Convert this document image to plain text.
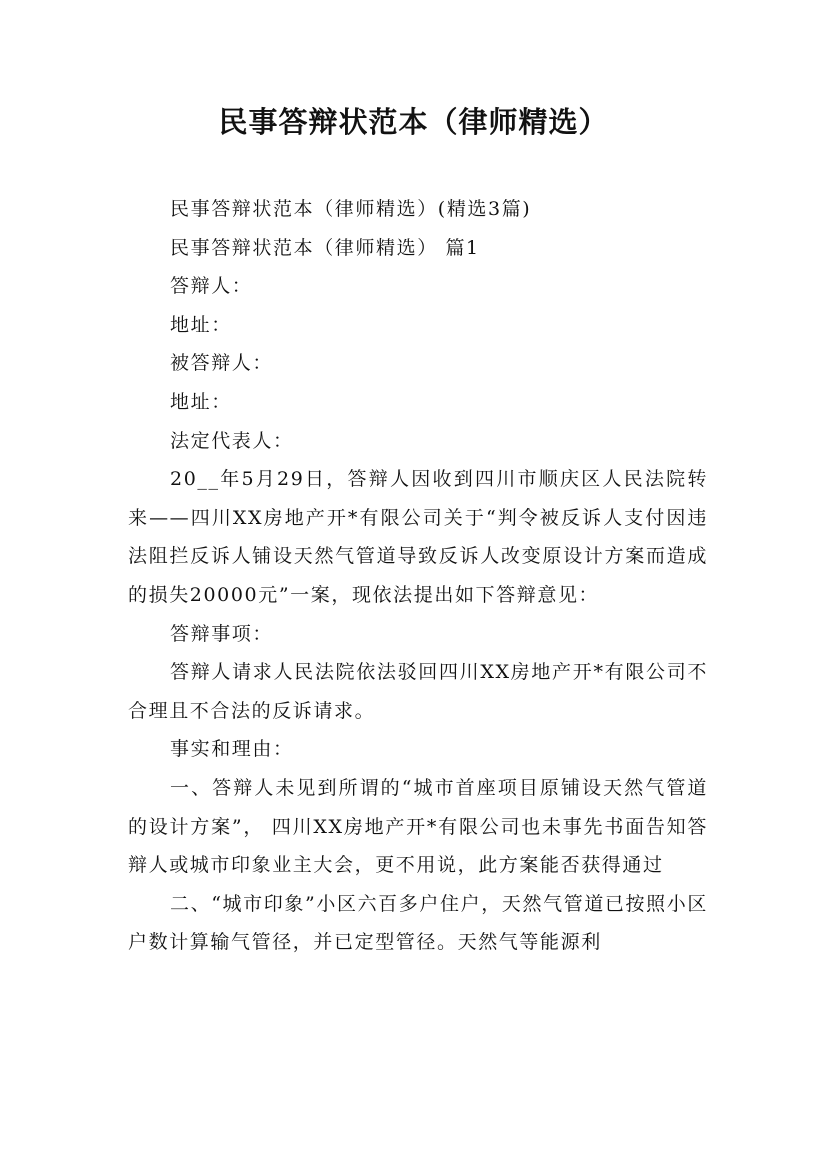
民事答辩状范本（律师精选）

民事答辩状范本（律师精选）(精选3篇)

民事答辩状范本（律师精选） 篇1

答辩人：

地址：

被答辩人：

地址：

法定代表人：

20__年5月29日，答辩人因收到四川市顺庆区人民法院转来——四川XX房地产开*有限公司关于“判令被反诉人支付因违法阻拦反诉人铺设天然气管道导致反诉人改变原设计方案而造成的损失20000元”一案，现依法提出如下答辩意见：

答辩事项：

答辩人请求人民法院依法驳回四川XX房地产开*有限公司不合理且不合法的反诉请求。

事实和理由：

一、答辩人未见到所谓的“城市首座项目原铺设天然气管道的设计方案”， 四川XX房地产开*有限公司也未事先书面告知答辩人或城市印象业主大会，更不用说，此方案能否获得通过

二、“城市印象”小区六百多户住户，天然气管道已按照小区户数计算输气管径，并已定型管径。天然气等能源利
